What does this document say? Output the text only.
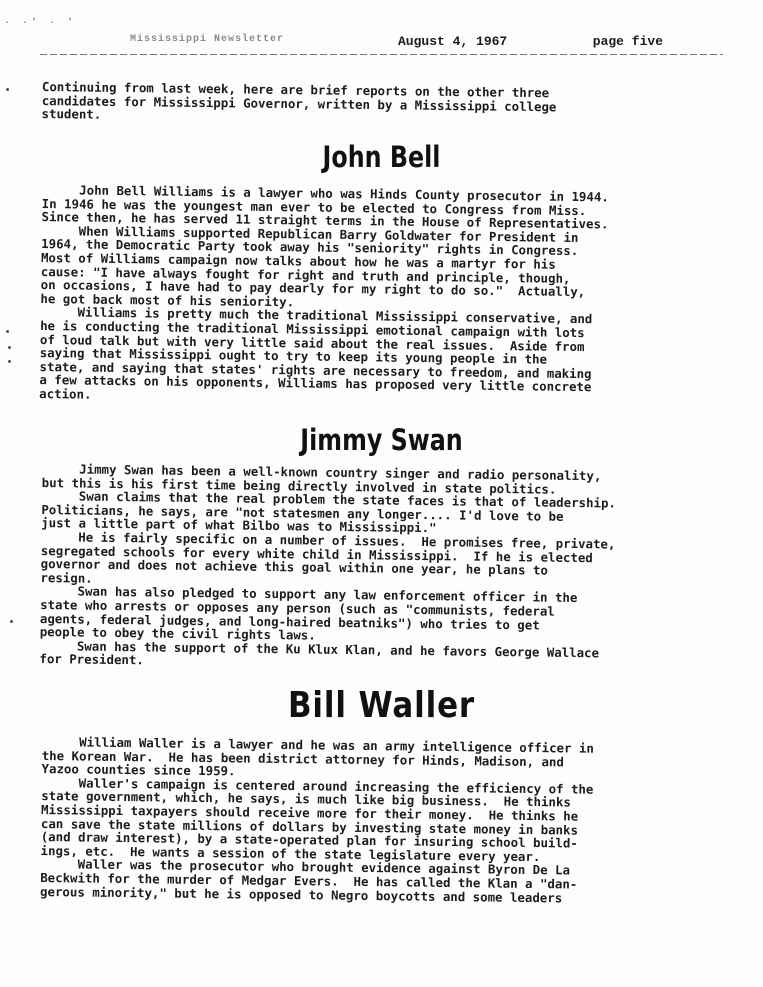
· ·' · '
Mississippi Newsletter	August 4, 1967	page five
Continuing from last week, here are brief reports on the other three
candidates for Mississippi Governor, written by a Mississippi college
student.
John Bell
John Bell Williams is a lawyer who was Hinds County prosecutor in 1944.
In 1946 he was the youngest man ever to be elected to Congress from Miss.
Since then, he has served 11 straight terms in the House of Representatives.
When Williams supported Republican Barry Goldwater for President in
1964, the Democratic Party took away his "seniority" rights in Congress.
Most of Williams campaign now talks about how he was a martyr for his
cause: "I have always fought for right and truth and principle, though,
on occasions, I have had to pay dearly for my right to do so."  Actually,
he got back most of his seniority.
Williams is pretty much the traditional Mississippi conservative, and
he is conducting the traditional Mississippi emotional campaign with lots
of loud talk but with very little said about the real issues.  Aside from
saying that Mississippi ought to try to keep its young people in the
state, and saying that states' rights are necessary to freedom, and making
a few attacks on his opponents, Williams has proposed very little concrete
action.
Jimmy Swan
Jimmy Swan has been a well-known country singer and radio personality,
but this is his first time being directly involved in state politics.
Swan claims that the real problem the state faces is that of leadership.
Politicians, he says, are "not statesmen any longer.... I'd love to be
just a little part of what Bilbo was to Mississippi."
He is fairly specific on a number of issues.  He promises free, private,
segregated schools for every white child in Mississippi.  If he is elected
governor and does not achieve this goal within one year, he plans to
resign.
Swan has also pledged to support any law enforcement officer in the
state who arrests or opposes any person (such as "communists, federal
agents, federal judges, and long-haired beatniks") who tries to get
people to obey the civil rights laws.
Swan has the support of the Ku Klux Klan, and he favors George Wallace
for President.
Bill Waller
William Waller is a lawyer and he was an army intelligence officer in
the Korean War.  He has been district attorney for Hinds, Madison, and
Yazoo counties since 1959.
Waller's campaign is centered around increasing the efficiency of the
state government, which, he says, is much like big business.  He thinks
Mississippi taxpayers should receive more for their money.  He thinks he
can save the state millions of dollars by investing state money in banks
(and draw interest), by a state-operated plan for insuring school build-
ings, etc.  He wants a session of the state legislature every year.
Waller was the prosecutor who brought evidence against Byron De La
Beckwith for the murder of Medgar Evers.  He has called the Klan a "dan-
gerous minority," but he is opposed to Negro boycotts and some leaders
